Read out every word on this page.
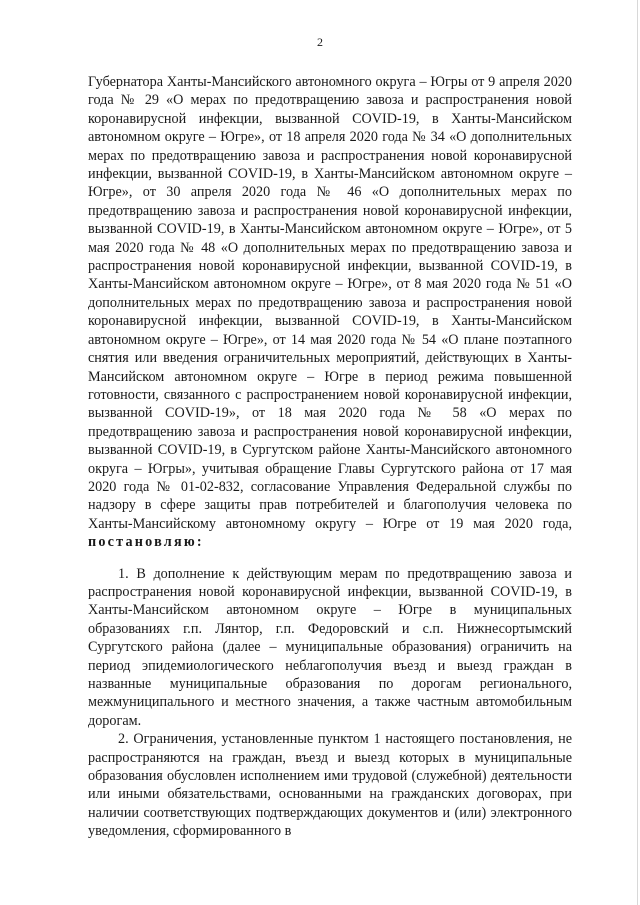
2

Губернатора Ханты-Мансийского автономного округа – Югры от 9 апреля 2020 года № 29 «О мерах по предотвращению завоза и распространения новой коронавирусной инфекции, вызванной COVID-19, в Ханты-Мансийском автономном округе – Югре», от 18 апреля 2020 года № 34 «О дополнительных мерах по предотвращению завоза и распространения новой коронавирусной инфекции, вызванной COVID-19, в Ханты-Мансийском автономном округе – Югре», от 30 апреля 2020 года № 46 «О дополнительных мерах по предотвращению завоза и распространения новой коронавирусной инфекции, вызванной COVID-19, в Ханты-Мансийском автономном округе – Югре», от 5 мая 2020 года № 48 «О дополнительных мерах по предотвращению завоза и распространения новой коронавирусной инфекции, вызванной COVID-19, в Ханты-Мансийском автономном округе – Югре», от 8 мая 2020 года № 51 «О дополнительных мерах по предотвращению завоза и распространения новой коронавирусной инфекции, вызванной COVID-19, в Ханты-Мансийском автономном округе – Югре», от 14 мая 2020 года № 54 «О плане поэтапного снятия или введения ограничительных мероприятий, действующих в Ханты-Мансийском автономном округе – Югре в период режима повышенной готовности, связанного с распространением новой коронавирусной инфекции, вызванной COVID-19», от 18 мая 2020 года № 58 «О мерах по предотвращению завоза и распространения новой коронавирусной инфекции, вызванной COVID-19, в Сургутском районе Ханты-Мансийского автономного округа – Югры», учитывая обращение Главы Сургутского района от 17 мая 2020 года № 01-02-832, согласование Управления Федеральной службы по надзору в сфере защиты прав потребителей и благополучия человека по Ханты-Мансийскому автономному округу – Югре от 19 мая 2020 года, постановляю:

1. В дополнение к действующим мерам по предотвращению завоза и распространения новой коронавирусной инфекции, вызванной COVID-19, в Ханты-Мансийском автономном округе – Югре в муниципальных образованиях г.п. Лянтор, г.п. Федоровский и с.п. Нижнесортымский Сургутского района (далее – муниципальные образования) ограничить на период эпидемиологического неблагополучия въезд и выезд граждан в названные муниципальные образования по дорогам регионального, межмуниципального и местного значения, а также частным автомобильным дорогам.

2. Ограничения, установленные пунктом 1 настоящего постановления, не распространяются на граждан, въезд и выезд которых в муниципальные образования обусловлен исполнением ими трудовой (служебной) деятельности или иными обязательствами, основанными на гражданских договорах, при наличии соответствующих подтверждающих документов и (или) электронного уведомления, сформированного в
